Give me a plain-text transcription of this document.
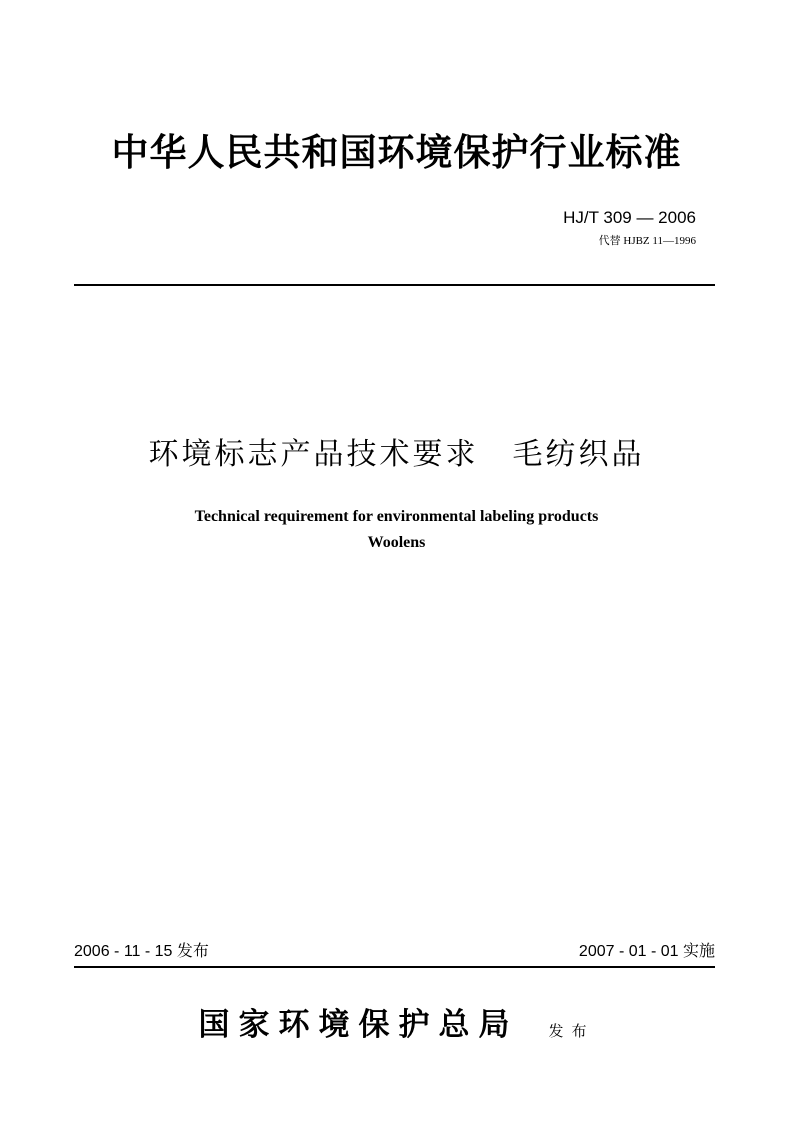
中华人民共和国环境保护行业标准
HJ/T 309 — 2006
代替 HJBZ 11—1996
环境标志产品技术要求 毛纺织品
Technical requirement for environmental labeling products
Woolens
2006 - 11 - 15 发布	2007 - 01 - 01 实施
国家环境保护总局 发布
